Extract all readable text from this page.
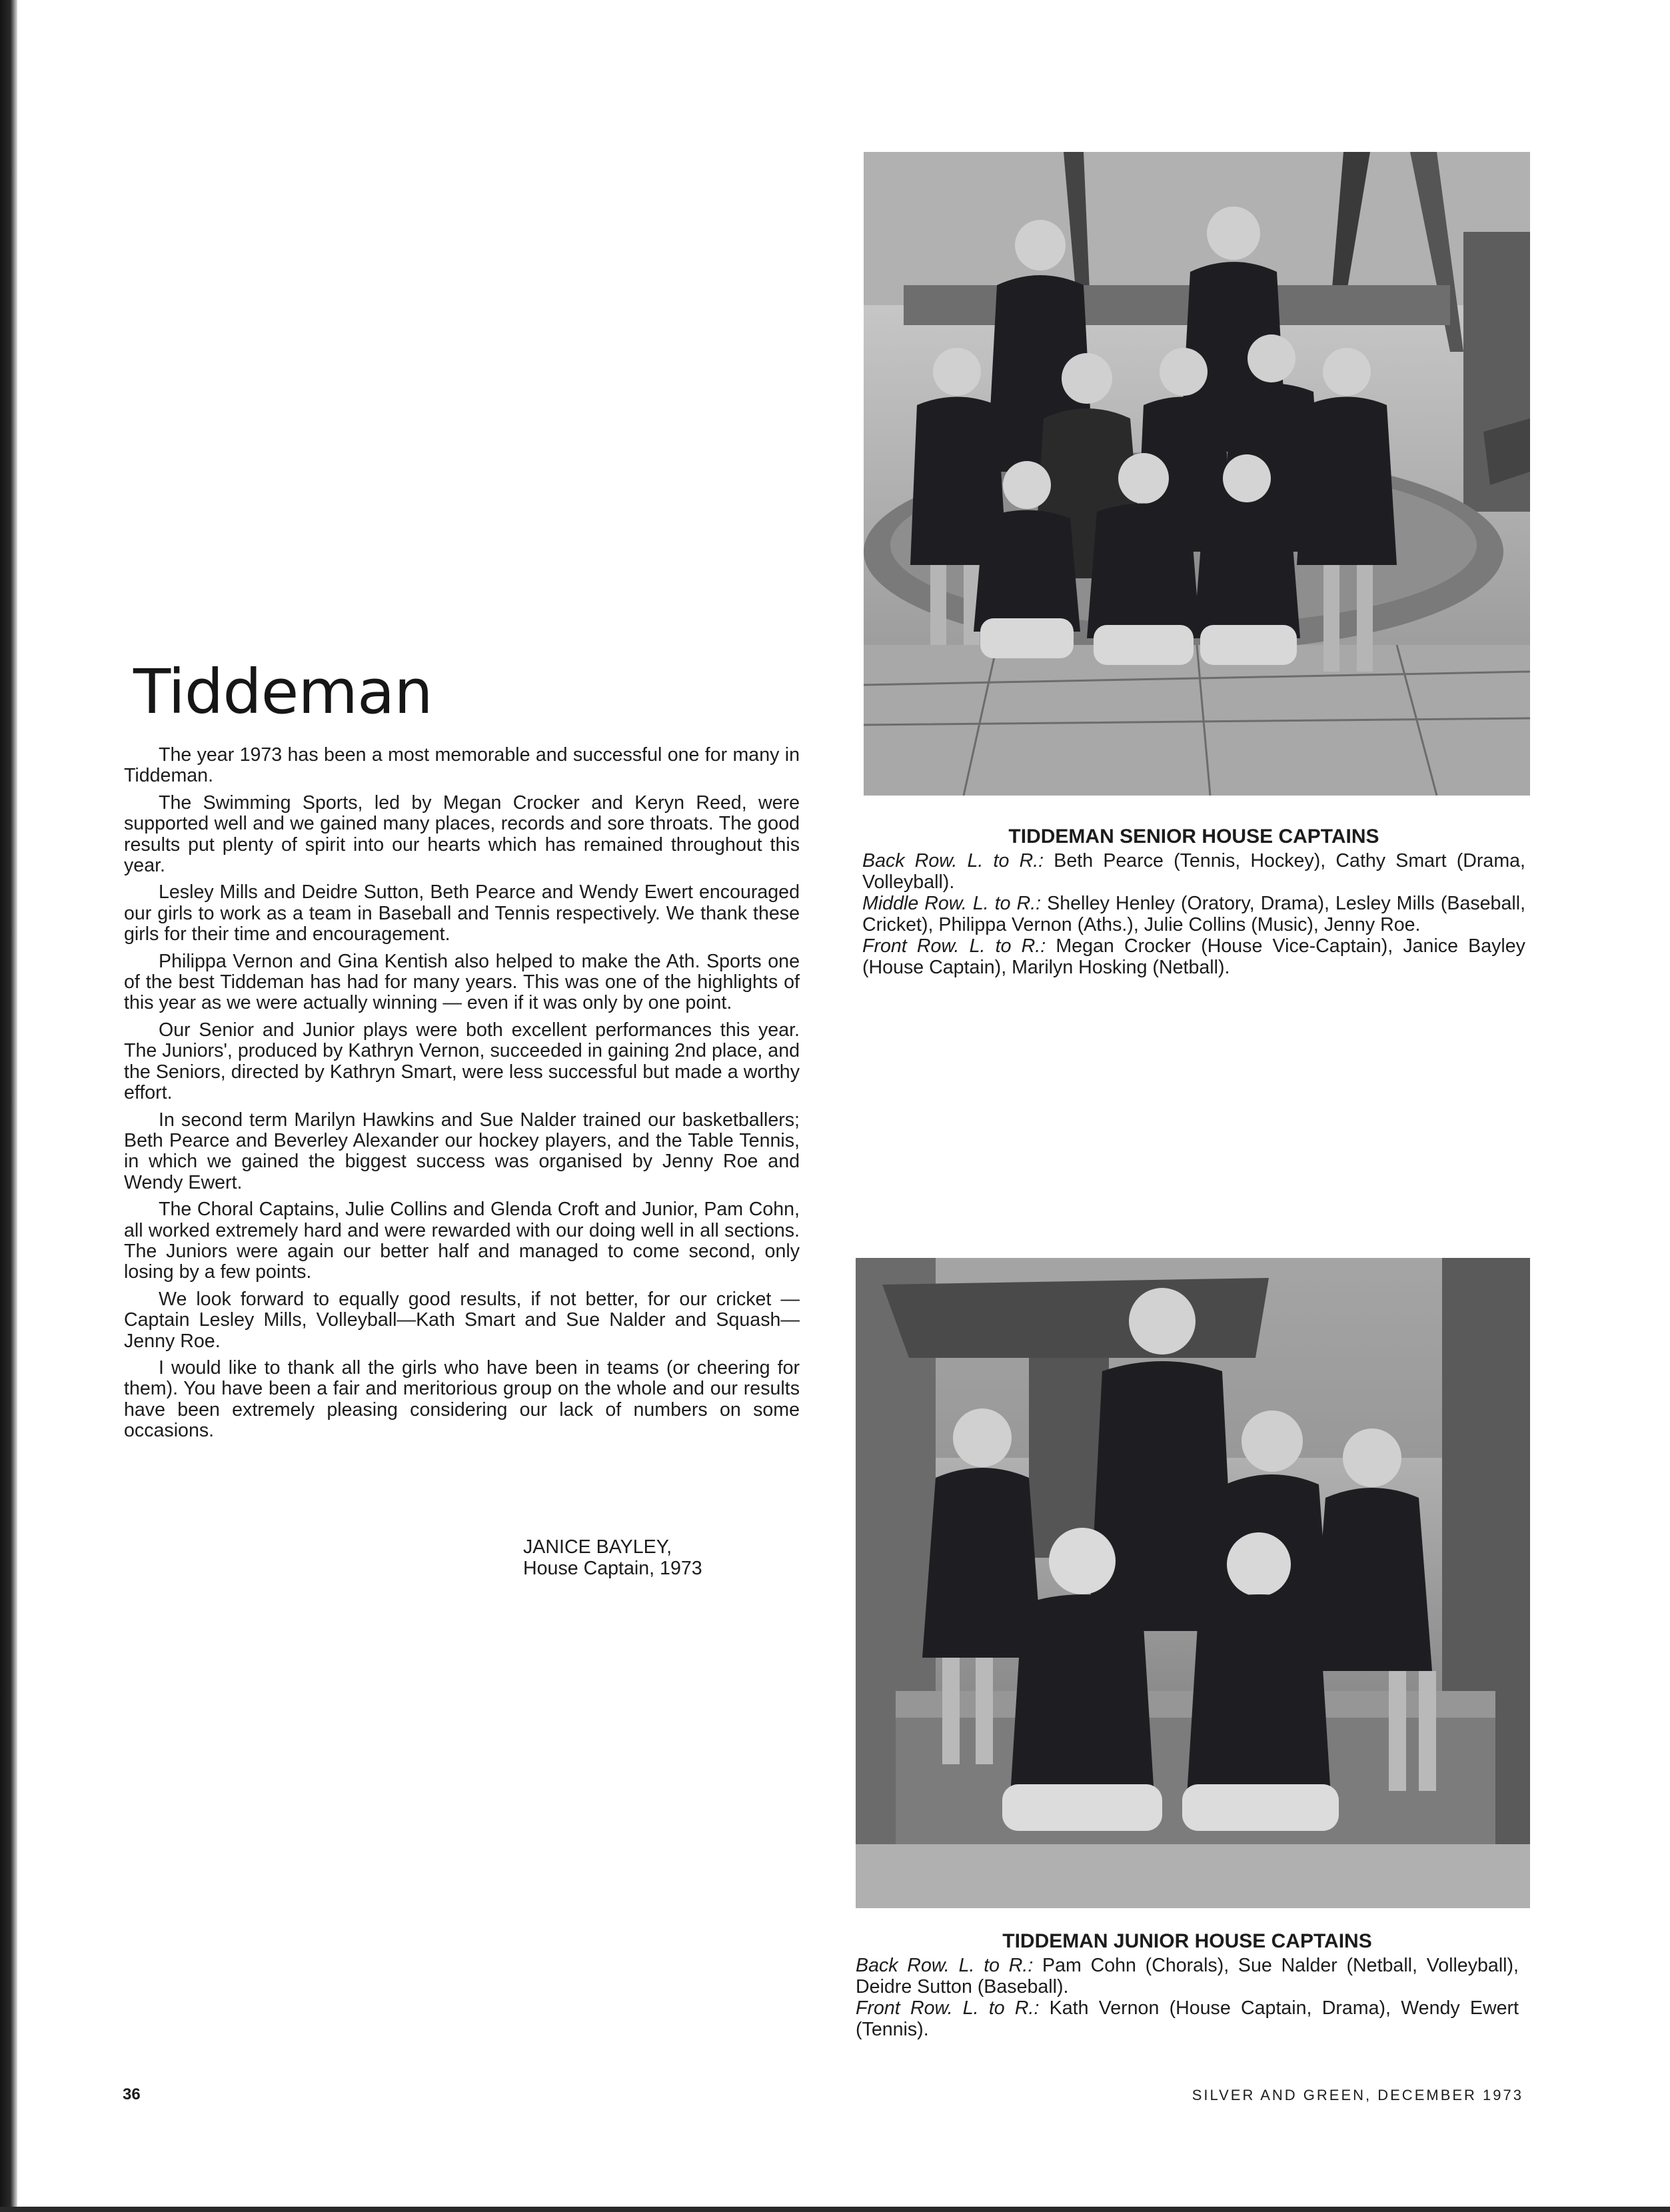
Tiddeman

The year 1973 has been a most memorable and successful one for many in Tiddeman.

The Swimming Sports, led by Megan Crocker and Keryn Reed, were supported well and we gained many places, records and sore throats. The good results put plenty of spirit into our hearts which has remained throughout this year.

Lesley Mills and Deidre Sutton, Beth Pearce and Wendy Ewert encouraged our girls to work as a team in Baseball and Tennis respectively. We thank these girls for their time and encouragement.

Philippa Vernon and Gina Kentish also helped to make the Ath. Sports one of the best Tiddeman has had for many years. This was one of the highlights of this year as we were actually winning — even if it was only by one point.

Our Senior and Junior plays were both excellent performances this year. The Juniors', produced by Kathryn Vernon, succeeded in gaining 2nd place, and the Seniors, directed by Kathryn Smart, were less successful but made a worthy effort.

In second term Marilyn Hawkins and Sue Nalder trained our basketballers; Beth Pearce and Beverley Alexander our hockey players, and the Table Tennis, in which we gained the biggest success was organised by Jenny Roe and Wendy Ewert.

The Choral Captains, Julie Collins and Glenda Croft and Junior, Pam Cohn, all worked extremely hard and were rewarded with our doing well in all sections. The Juniors were again our better half and managed to come second, only losing by a few points.

We look forward to equally good results, if not better, for our cricket — Captain Lesley Mills, Volleyball—Kath Smart and Sue Nalder and Squash—Jenny Roe.

I would like to thank all the girls who have been in teams (or cheering for them). You have been a fair and meritorious group on the whole and our results have been extremely pleasing considering our lack of numbers on some occasions.

JANICE BAYLEY,
House Captain, 1973
TIDDEMAN SENIOR HOUSE CAPTAINS
Back Row. L. to R.: Beth Pearce (Tennis, Hockey), Cathy Smart (Drama, Volleyball).
Middle Row. L. to R.: Shelley Henley (Oratory, Drama), Lesley Mills (Baseball, Cricket), Philippa Vernon (Aths.), Julie Collins (Music), Jenny Roe.
Front Row. L. to R.: Megan Crocker (House Vice-Captain), Janice Bayley (House Captain), Marilyn Hosking (Netball).
TIDDEMAN JUNIOR HOUSE CAPTAINS
Back Row. L. to R.: Pam Cohn (Chorals), Sue Nalder (Netball, Volleyball), Deidre Sutton (Baseball).
Front Row. L. to R.: Kath Vernon (House Captain, Drama), Wendy Ewert (Tennis).
36	SILVER AND GREEN, DECEMBER 1973
